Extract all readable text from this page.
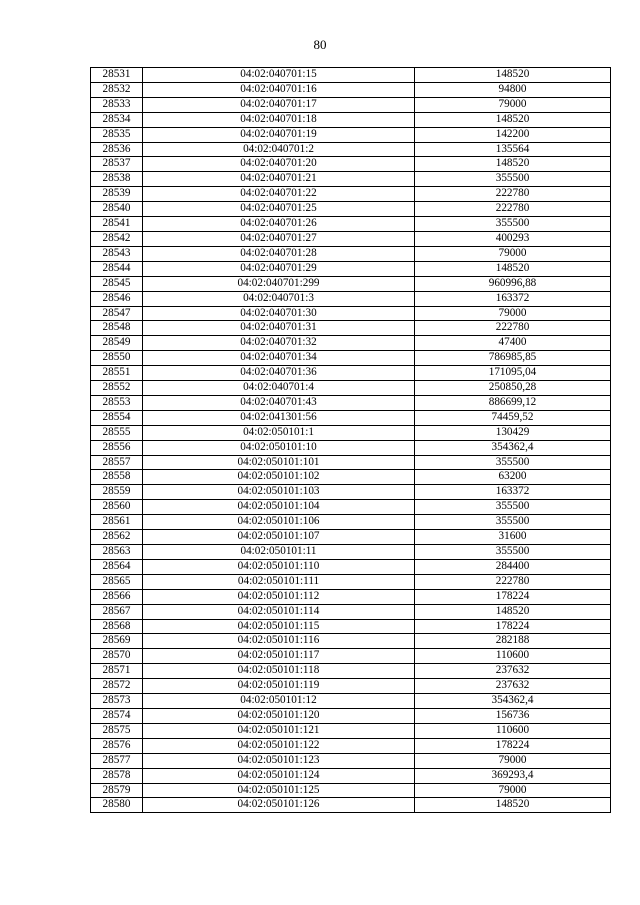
80
28531	04:02:040701:15	148520
28532	04:02:040701:16	94800
28533	04:02:040701:17	79000
28534	04:02:040701:18	148520
28535	04:02:040701:19	142200
28536	04:02:040701:2	135564
28537	04:02:040701:20	148520
28538	04:02:040701:21	355500
28539	04:02:040701:22	222780
28540	04:02:040701:25	222780
28541	04:02:040701:26	355500
28542	04:02:040701:27	400293
28543	04:02:040701:28	79000
28544	04:02:040701:29	148520
28545	04:02:040701:299	960996,88
28546	04:02:040701:3	163372
28547	04:02:040701:30	79000
28548	04:02:040701:31	222780
28549	04:02:040701:32	47400
28550	04:02:040701:34	786985,85
28551	04:02:040701:36	171095,04
28552	04:02:040701:4	250850,28
28553	04:02:040701:43	886699,12
28554	04:02:041301:56	74459,52
28555	04:02:050101:1	130429
28556	04:02:050101:10	354362,4
28557	04:02:050101:101	355500
28558	04:02:050101:102	63200
28559	04:02:050101:103	163372
28560	04:02:050101:104	355500
28561	04:02:050101:106	355500
28562	04:02:050101:107	31600
28563	04:02:050101:11	355500
28564	04:02:050101:110	284400
28565	04:02:050101:111	222780
28566	04:02:050101:112	178224
28567	04:02:050101:114	148520
28568	04:02:050101:115	178224
28569	04:02:050101:116	282188
28570	04:02:050101:117	110600
28571	04:02:050101:118	237632
28572	04:02:050101:119	237632
28573	04:02:050101:12	354362,4
28574	04:02:050101:120	156736
28575	04:02:050101:121	110600
28576	04:02:050101:122	178224
28577	04:02:050101:123	79000
28578	04:02:050101:124	369293,4
28579	04:02:050101:125	79000
28580	04:02:050101:126	148520
